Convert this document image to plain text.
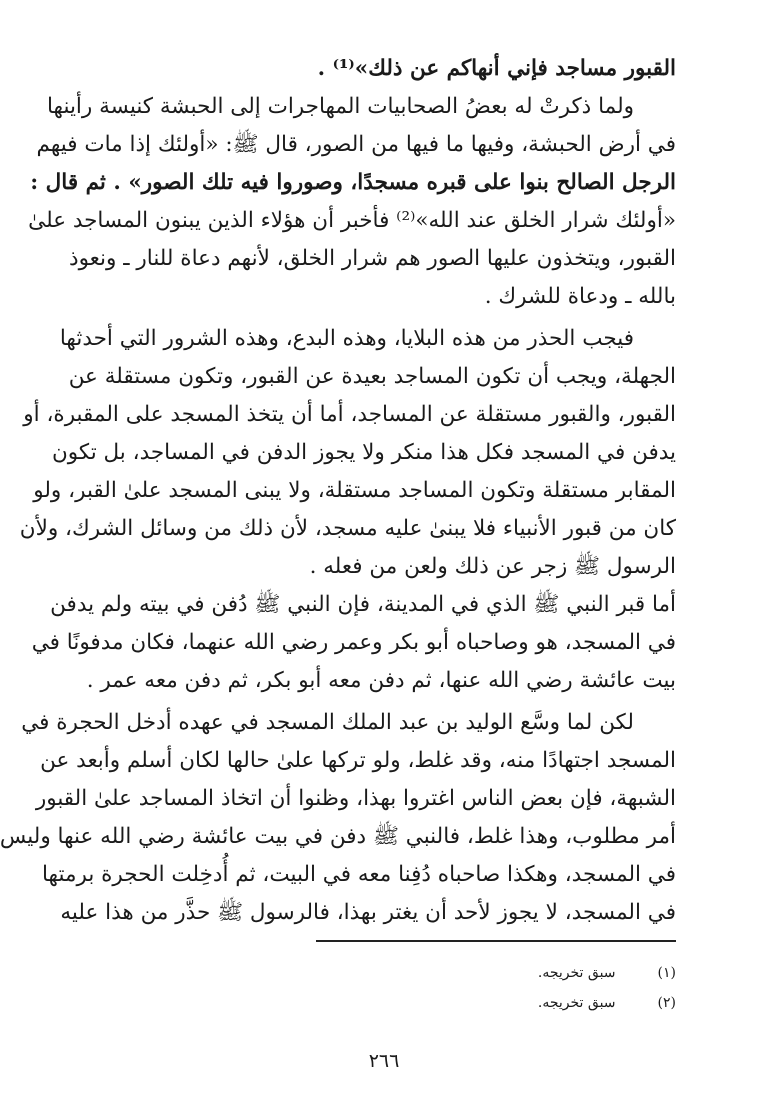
القبور مساجد فإني أنهاكم عن ذلك»⁽¹⁾ .
ولما ذكرتْ له بعضُ الصحابيات المهاجرات إلى الحبشة كنيسة رأينها
في أرض الحبشة، وفيها ما فيها من الصور، قال ﷺ: «أولئك إذا مات فيهم
الرجل الصالح بنوا على قبره مسجدًا، وصوروا فيه تلك الصور» . ثم قال :
«أولئك شرار الخلق عند الله»⁽²⁾ فأخبر أن هؤلاء الذين يبنون المساجد علىٰ
القبور، ويتخذون عليها الصور هم شرار الخلق، لأنهم دعاة للنار ـ ونعوذ
بالله ـ ودعاة للشرك .
فيجب الحذر من هذه البلايا، وهذه البدع، وهذه الشرور التي أحدثها
الجهلة، ويجب أن تكون المساجد بعيدة عن القبور، وتكون مستقلة عن
القبور، والقبور مستقلة عن المساجد، أما أن يتخذ المسجد على المقبرة، أو
يدفن في المسجد فكل هذا منكر ولا يجوز الدفن في المساجد، بل تكون
المقابر مستقلة وتكون المساجد مستقلة، ولا يبنى المسجد علىٰ القبر، ولو
كان من قبور الأنبياء فلا يبنىٰ عليه مسجد، لأن ذلك من وسائل الشرك، ولأن
الرسول ﷺ زجر عن ذلك ولعن من فعله .
أما قبر النبي ﷺ الذي في المدينة، فإن النبي ﷺ دُفن في بيته ولم يدفن
في المسجد، هو وصاحباه أبو بكر وعمر رضي الله عنهما، فكان مدفونًا في
بيت عائشة رضي الله عنها، ثم دفن معه أبو بكر، ثم دفن معه عمر .
لكن لما وسَّع الوليد بن عبد الملك المسجد في عهده أدخل الحجرة في
المسجد اجتهادًا منه، وقد غلط، ولو تركها علىٰ حالها لكان أسلم وأبعد عن
الشبهة، فإن بعض الناس اغتروا بهذا، وظنوا أن اتخاذ المساجد علىٰ القبور
أمر مطلوب، وهذا غلط، فالنبي ﷺ دفن في بيت عائشة رضي الله عنها وليس
في المسجد، وهكذا صاحباه دُفِنا معه في البيت، ثم أُدخِلت الحجرة برمتها
في المسجد، لا يجوز لأحد أن يغتر بهذا، فالرسول ﷺ حذَّر من هذا عليه
(١) سبق تخريجه.
(٢) سبق تخريجه.
٢٦٦
